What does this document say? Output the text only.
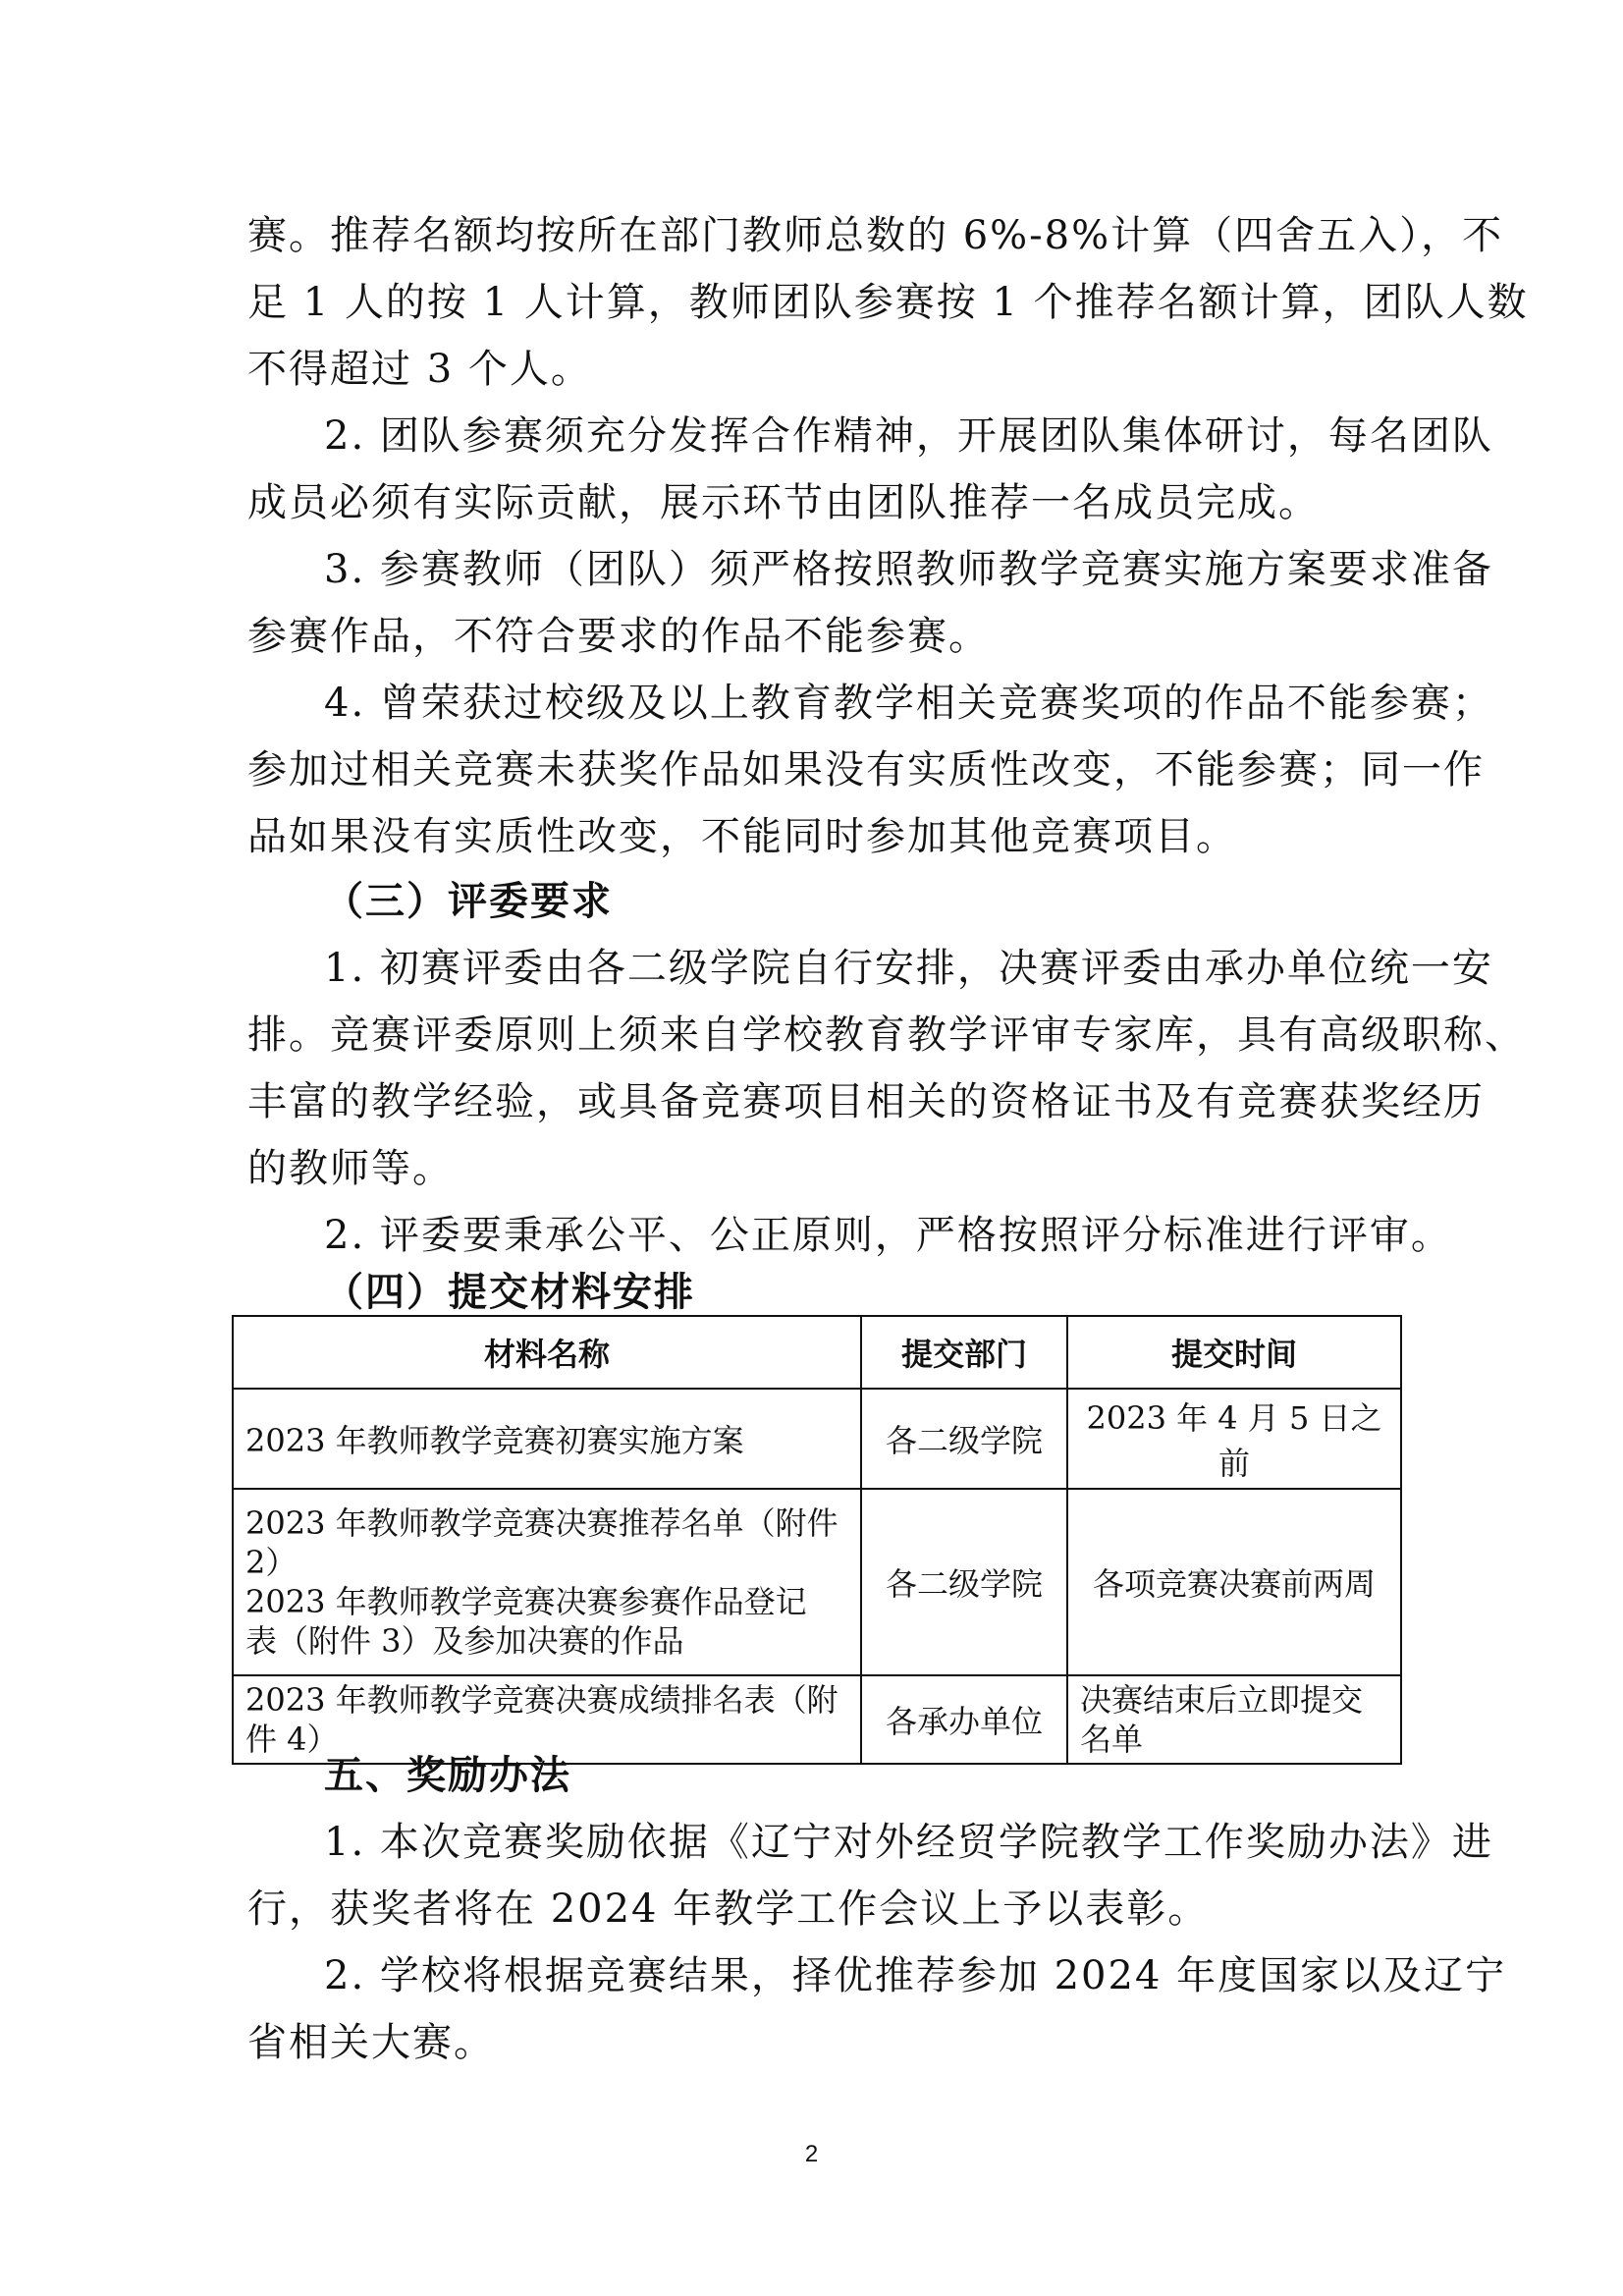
赛。推荐名额均按所在部门教师总数的 6%-8%计算（四舍五入），不
足 1 人的按 1 人计算，教师团队参赛按 1 个推荐名额计算，团队人数
不得超过 3 个人。
2. 团队参赛须充分发挥合作精神，开展团队集体研讨，每名团队
成员必须有实际贡献，展示环节由团队推荐一名成员完成。
3. 参赛教师（团队）须严格按照教师教学竞赛实施方案要求准备
参赛作品，不符合要求的作品不能参赛。
4. 曾荣获过校级及以上教育教学相关竞赛奖项的作品不能参赛；
参加过相关竞赛未获奖作品如果没有实质性改变，不能参赛；同一作
品如果没有实质性改变，不能同时参加其他竞赛项目。
（三）评委要求
1. 初赛评委由各二级学院自行安排，决赛评委由承办单位统一安
排。竞赛评委原则上须来自学校教育教学评审专家库，具有高级职称、
丰富的教学经验，或具备竞赛项目相关的资格证书及有竞赛获奖经历
的教师等。
2. 评委要秉承公平、公正原则，严格按照评分标准进行评审。
（四）提交材料安排
材料名称	提交部门	提交时间
2023 年教师教学竞赛初赛实施方案	各二级学院	2023 年 4 月 5 日之前

2023 年教师教学竞赛决赛推荐名单（附件
2）
2023 年教师教学竞赛决赛参赛作品登记
表（附件 3）及参加决赛的作品	各二级学院	各项竞赛决赛前两周

2023 年教师教学竞赛决赛成绩排名表（附
件 4）	各承办单位	决赛结束后立即提交
名单
五、奖励办法
1. 本次竞赛奖励依据《辽宁对外经贸学院教学工作奖励办法》进
行，获奖者将在 2024 年教学工作会议上予以表彰。
2. 学校将根据竞赛结果，择优推荐参加 2024 年度国家以及辽宁
省相关大赛。
2
